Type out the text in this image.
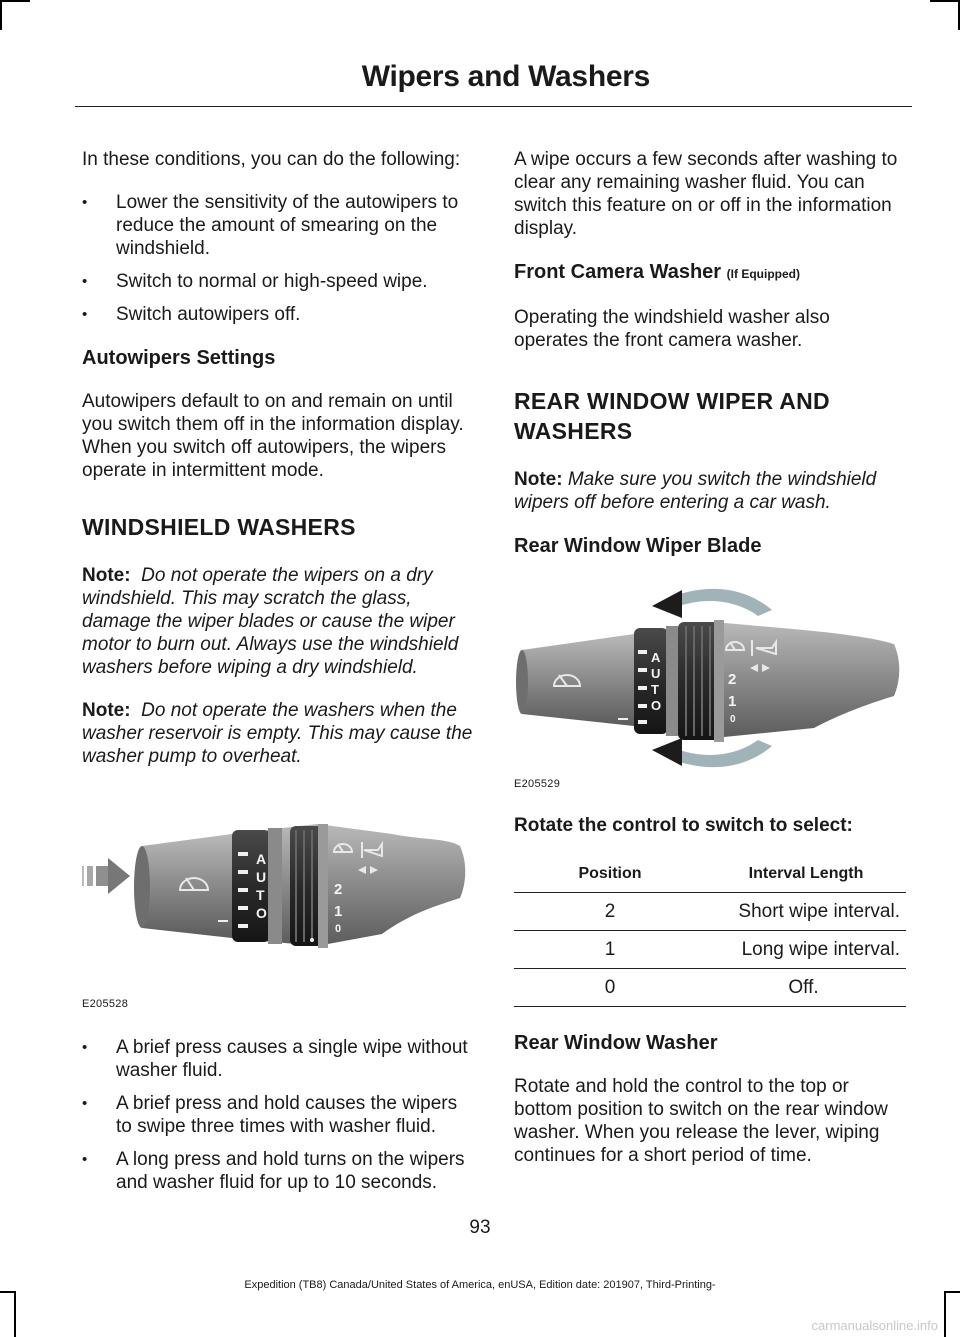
Wipers and Washers

In these conditions, you can do the following:

• Lower the sensitivity of the autowipers to reduce the amount of smearing on the windshield.
• Switch to normal or high-speed wipe.
• Switch autowipers off.
Autowipers Settings

Autowipers default to on and remain on until you switch them off in the information display. When you switch off autowipers, the wipers operate in intermittent mode.

WINDSHIELD WASHERS

Note: Do not operate the wipers on a dry windshield. This may scratch the glass, damage the wiper blades or cause the wiper motor to burn out. Always use the windshield washers before wiping a dry windshield.

Note: Do not operate the washers when the washer reservoir is empty. This may cause the washer pump to overheat.

A
U
T
O
2
1
0
E205528
• A brief press causes a single wipe without washer fluid.
• A brief press and hold causes the wipers to swipe three times with washer fluid.
• A long press and hold turns on the wipers and washer fluid for up to 10 seconds.

A wipe occurs a few seconds after washing to clear any remaining washer fluid. You can switch this feature on or off in the information display.

Front Camera Washer (If Equipped)

Operating the windshield washer also operates the front camera washer.

REAR WINDOW WIPER AND
WASHERS

Note: Make sure you switch the windshield wipers off before entering a car wash.

Rear Window Wiper Blade
A
U
T
O
2
1
0
E205529
Rotate the control to switch to select:
Position	Interval Length
2	Short wipe interval.
1	Long wipe interval.
0	Off.
Rear Window Washer

Rotate and hold the control to the top or bottom position to switch on the rear window washer. When you release the lever, wiping continues for a short period of time.

93
Expedition (TB8) Canada/United States of America, enUSA, Edition date: 201907, Third-Printing-
carmanualsonline.info
